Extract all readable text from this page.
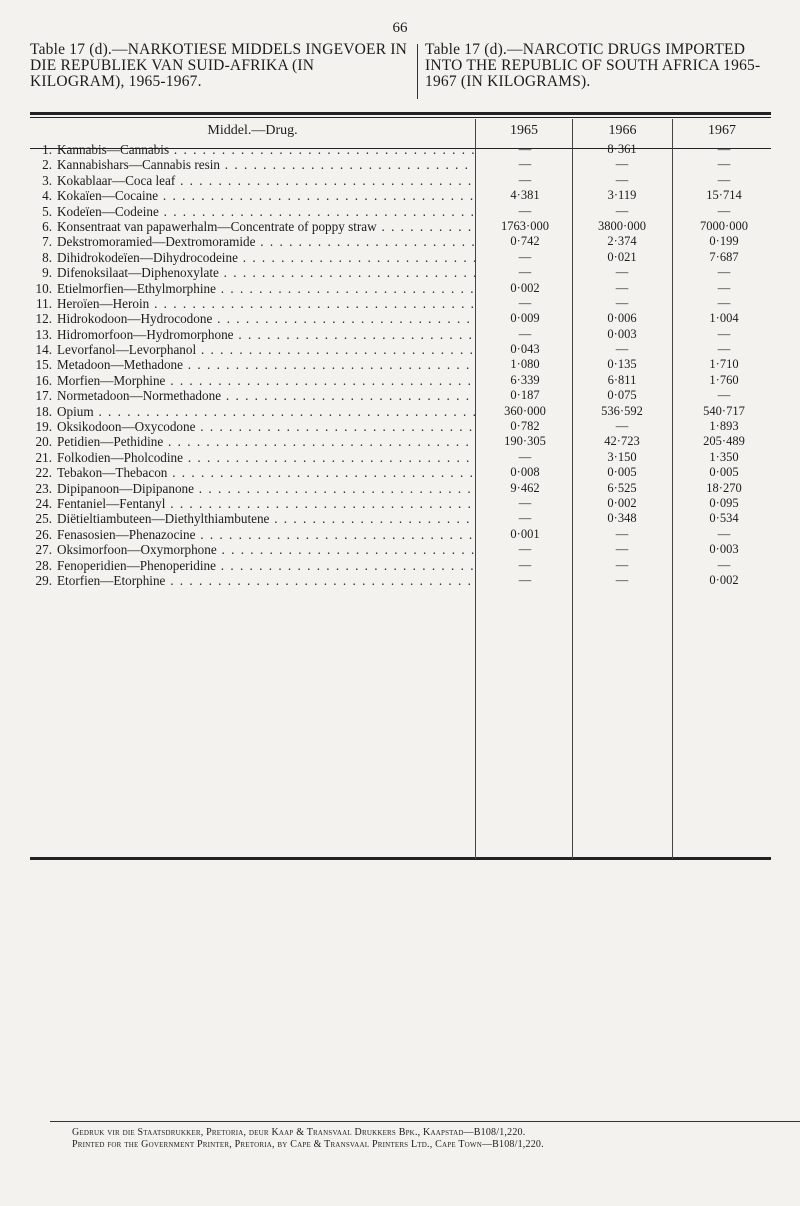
66
Table 17 (d).—NARKOTIESE MIDDELS INGEVOER IN DIE REPUBLIEK VAN SUID-AFRIKA (IN KILOGRAM), 1965-1967.
Table 17 (d).—NARCOTIC DRUGS IMPORTED INTO THE REPUBLIC OF SOUTH AFRICA 1965-1967 (IN KILOGRAMS).
Middel.—Drug.	1965	1966	1967
1. Kannabis—Cannabis . . .	—	8·361	—
2. Kannabishars—Cannabis resin . . .	—	—	—
3. Kokablaar—Coca leaf . . .	—	—	—
4. Kokaïen—Cocaine . . .	4·381	3·119	15·714
5. Kodeïen—Codeine . . .	—	—	—
6. Konsentraat van papawerhalm—Concentrate of poppy straw . . .	1763·000	3800·000	7000·000
7. Dekstromoramied—Dextromoramide . . .	0·742	2·374	0·199
8. Dihidrokodeïen—Dihydrocodeine . . .	—	0·021	7·687
9. Difenoksilaat—Diphenoxylate . . .	—	—	—
10. Etielmorfien—Ethylmorphine . . .	0·002	—	—
11. Heroïen—Heroin . . .	—	—	—
12. Hidrokodoon—Hydrocodone . . .	0·009	0·006	1·004
13. Hidromorfoon—Hydromorphone . . .	—	0·003	—
14. Levorfanol—Levorphanol . . .	0·043	—	—
15. Metadoon—Methadone . . .	1·080	0·135	1·710
16. Morfien—Morphine . . .	6·339	6·811	1·760
17. Normetadoon—Normethadone . . .	0·187	0·075	—
18. Opium . . .	360·000	536·592	540·717
19. Oksikodoon—Oxycodone . . .	0·782	—	1·893
20. Petidien—Pethidine . . .	190·305	42·723	205·489
21. Folkodien—Pholcodine . . .	—	3·150	1·350
22. Tebakon—Thebacon . . .	0·008	0·005	0·005
23. Dipipanoon—Dipipanone . . .	9·462	6·525	18·270
24. Fentaniel—Fentanyl . . .	—	0·002	0·095
25. Diëtieltiambuteen—Diethylthiambutene . . .	—	0·348	0·534
26. Fenasosien—Phenazocine . . .	0·001	—	—
27. Oksimorfoon—Oxymorphone . . .	—	—	0·003
28. Fenoperidien—Phenoperidine . . .	—	—	—
29. Etorfien—Etorphine . . .	—	—	0·002
Gedruk vir die Staatsdrukker, Pretoria, deur Kaap & Transvaal Drukkers Bpk., Kaapstad—B108/1,220.
Printed for the Government Printer, Pretoria, by Cape & Transvaal Printers Ltd., Cape Town—B108/1,220.
